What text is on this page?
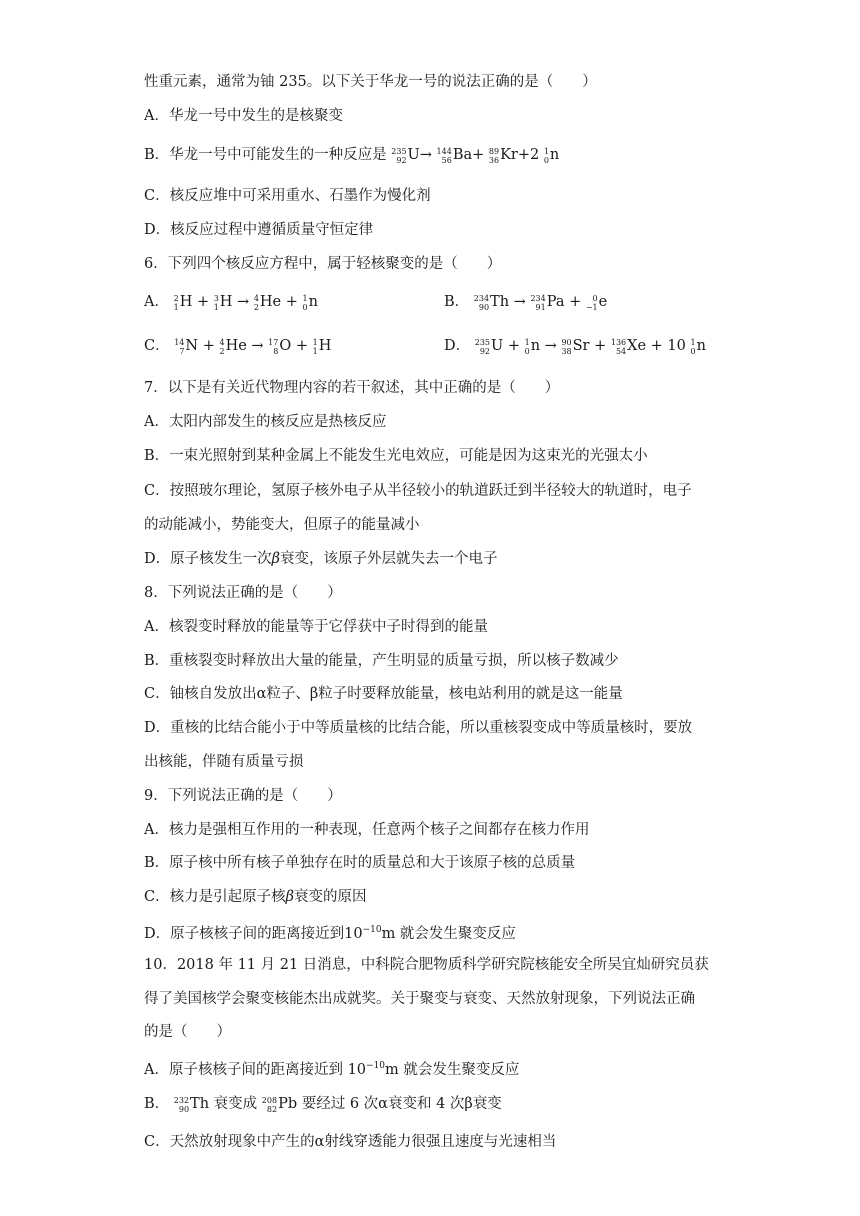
性重元素，通常为铀 235。以下关于华龙一号的说法正确的是（　　）
A．华龙一号中发生的是核聚变
B．华龙一号中可能发生的一种反应是 235
92 U→ 144
56 Ba+ 89
36 Kr+2 1
0 n
C．核反应堆中可采用重水、石墨作为慢化剂
D．核反应过程中遵循质量守恒定律
6．下列四个核反应方程中，属于轻核聚变的是（　　）
A． 2
1 H + 3
1 H → 4
2 He + 1
0 n	B． 234
90 Th → 234
91 Pa + 0
−1 e
C． 14
7 N + 4
2 He → 17
8 O + 1
1 H	D． 235
92 U + 1
0 n → 90
38 Sr + 136
54 Xe + 10 1
0 n
7．以下是有关近代物理内容的若干叙述，其中正确的是（　　）
A．太阳内部发生的核反应是热核反应
B．一束光照射到某种金属上不能发生光电效应，可能是因为这束光的光强太小
C．按照玻尔理论，氢原子核外电子从半径较小的轨道跃迁到半径较大的轨道时，电子
的动能减小，势能变大，但原子的能量减小
D．原子核发生一次β衰变，该原子外层就失去一个电子
8．下列说法正确的是（　　）
A．核裂变时释放的能量等于它俘获中子时得到的能量
B．重核裂变时释放出大量的能量，产生明显的质量亏损，所以核子数减少
C．铀核自发放出α粒子、β粒子时要释放能量，核电站利用的就是这一能量
D．重核的比结合能小于中等质量核的比结合能，所以重核裂变成中等质量核时，要放
出核能，伴随有质量亏损
9．下列说法正确的是（　　）
A．核力是强相互作用的一种表现，任意两个核子之间都存在核力作用
B．原子核中所有核子单独存在时的质量总和大于该原子核的总质量
C．核力是引起原子核β衰变的原因
D．原子核核子间的距离接近到$10^{-10}m$ 就会发生聚变反应
10．2018 年 11 月 21 日消息，中科院合肥物质科学研究院核能安全所吴宜灿研究员获
得了美国核学会聚变核能杰出成就奖。关于聚变与衰变、天然放射现象，下列说法正确
的是（　　）
A．原子核核子间的距离接近到 $10^{-10}m$ 就会发生聚变反应
B． 232
90 Th 衰变成 208
82 Pb 要经过 6 次α衰变和 4 次β衰变
C．天然放射现象中产生的α射线穿透能力很强且速度与光速相当
